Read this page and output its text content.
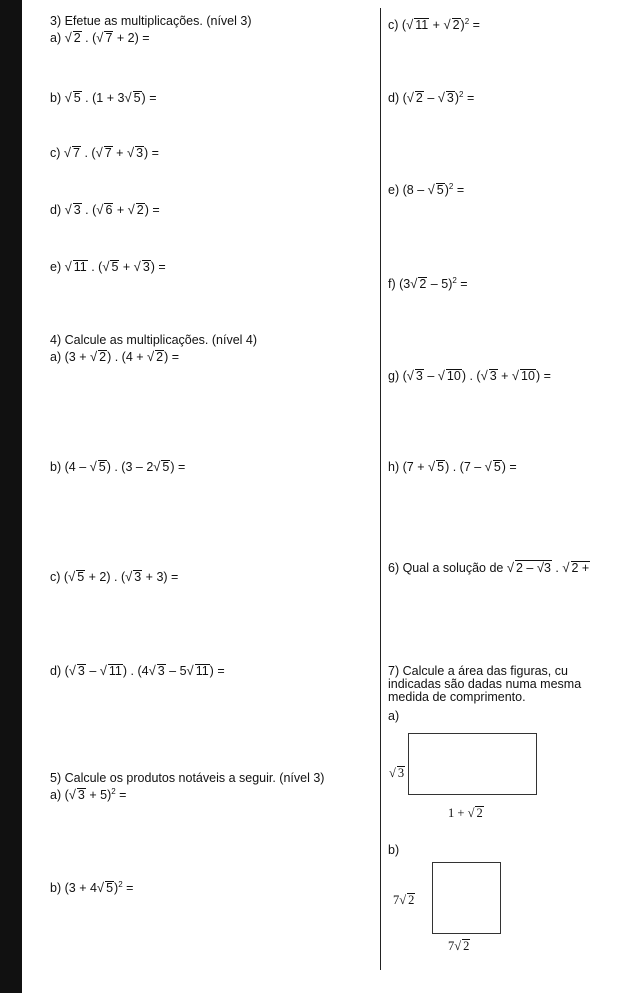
3) Efetue as multiplicações. (nível 3)
a) √ 2 . (√ 7 + 2) =
b) √ 5 . (1 + 3√ 5) =
c) √ 7 . (√ 7 + √ 3) =
d) √ 3 . (√ 6 + √ 2) =
e) √ 11 . (√ 5 + √ 3) =
c) (√ 11 + √ 2)$^2$ =
d) (√ 2 – √ 3)$^2$ =
e) (8 – √ 5)$^2$ =
f) (3√ 2 – 5)$^2$ =
g) (√ 3 – √ 10) . (√ 3 + √ 10) =
h) (7 + √ 5) . (7 – √ 5) =
4) Calcule as multiplicações. (nível 4)
a) (3 + √ 2) . (4 + √ 2) =
b) (4 – √ 5) . (3 – 2√ 5) =
c) (√ 5 + 2) . (√ 3 + 3) =
d) (√ 3 – √ 11) . (4√ 3 – 5√ 11) =
6) Qual a solução de √ 2 – √3 . √ 2 +
7) Calcule a área das figuras, cu
indicadas são dadas numa mesma
medida de comprimento.
a)
√ 3
1 + √ 2
b)
7√ 2
7√ 2
5) Calcule os produtos notáveis a seguir. (nível 3)
a) (√ 3 + 5)$^2$ =
b) (3 + 4√ 5)$^2$ =
